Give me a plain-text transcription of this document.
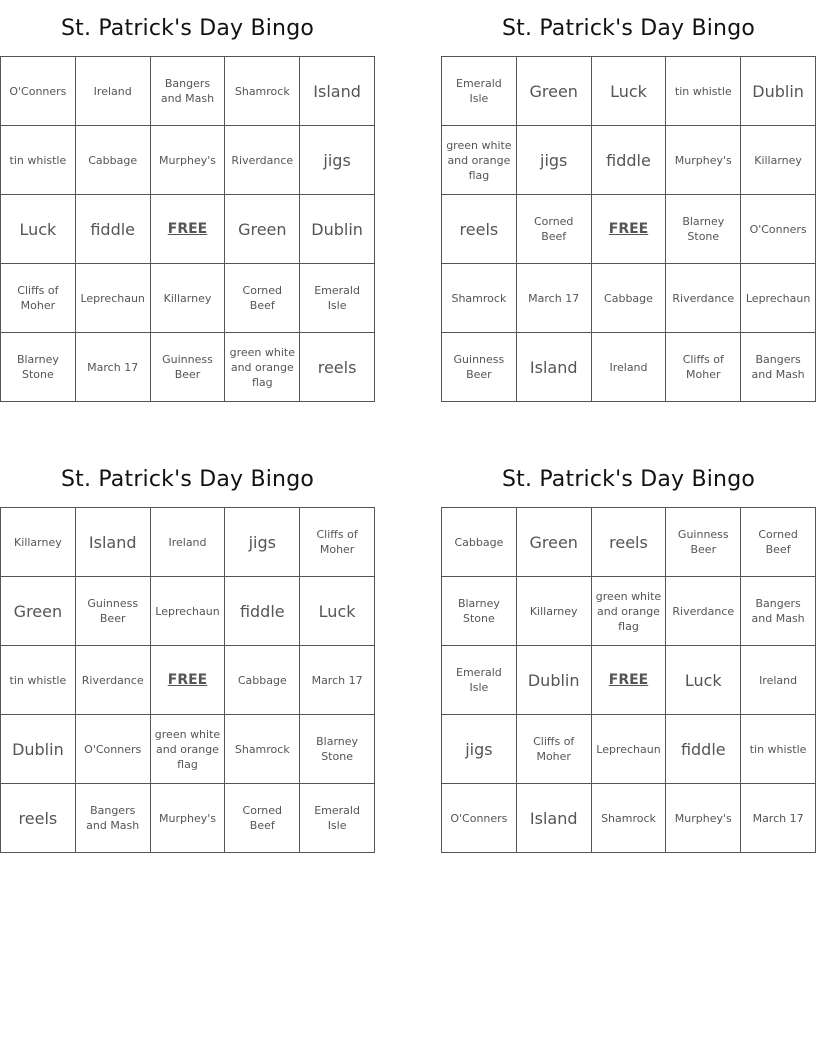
St. Patrick's Day Bingo
O'Conners	Ireland	Bangers and Mash	Shamrock	Island
tin whistle	Cabbage	Murphey's	Riverdance	jigs
Luck	fiddle	FREE	Green	Dublin
Cliffs of Moher	Leprechaun	Killarney	Corned Beef	Emerald Isle
Blarney Stone	March 17	Guinness Beer	green white and orange flag	reels
St. Patrick's Day Bingo
Emerald Isle	Green	Luck	tin whistle	Dublin
green white and orange flag	jigs	fiddle	Murphey's	Killarney
reels	Corned Beef	FREE	Blarney Stone	O'Conners
Shamrock	March 17	Cabbage	Riverdance	Leprechaun
Guinness Beer	Island	Ireland	Cliffs of Moher	Bangers and Mash
St. Patrick's Day Bingo
Killarney	Island	Ireland	jigs	Cliffs of Moher
Green	Guinness Beer	Leprechaun	fiddle	Luck
tin whistle	Riverdance	FREE	Cabbage	March 17
Dublin	O'Conners	green white and orange flag	Shamrock	Blarney Stone
reels	Bangers and Mash	Murphey's	Corned Beef	Emerald Isle
St. Patrick's Day Bingo
Cabbage	Green	reels	Guinness Beer	Corned Beef
Blarney Stone	Killarney	green white and orange flag	Riverdance	Bangers and Mash
Emerald Isle	Dublin	FREE	Luck	Ireland
jigs	Cliffs of Moher	Leprechaun	fiddle	tin whistle
O'Conners	Island	Shamrock	Murphey's	March 17
